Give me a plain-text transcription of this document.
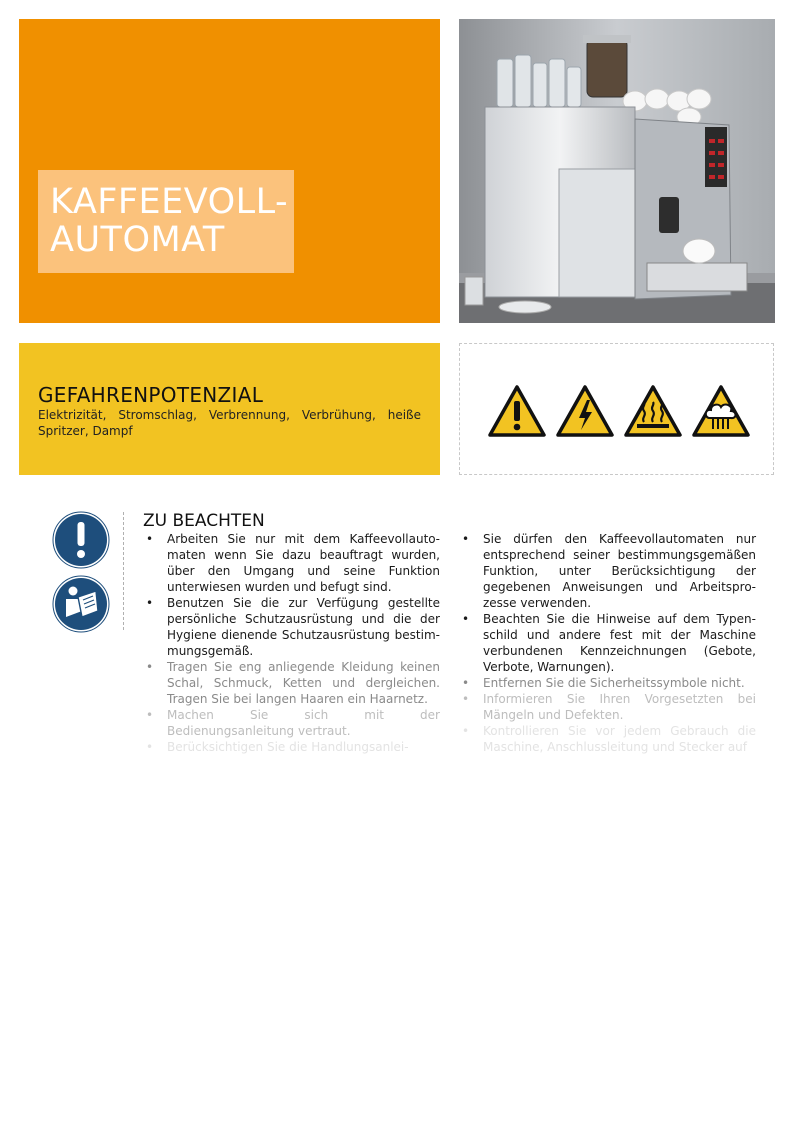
KAFFEEVOLL-
AUTOMAT
GEFAHRENPOTENZIAL
Elektrizität, Stromschlag, Verbrennung, Verbrühung, heiße Spritzer, Dampf
ZU BEACHTEN
• Arbeiten Sie nur mit dem Kaffeevollautomaten wenn Sie dazu beauftragt wurden, über den Umgang und seine Funktion unterwiesen wurden und befugt sind.
• Benutzen Sie die zur Verfügung gestellte persönliche Schutzausrüstung und die der Hygiene dienende Schutzausrüstung bestimmungsgemäß.
• Tragen Sie eng anliegende Kleidung keinen Schal, Schmuck, Ketten und dergleichen. Tragen Sie bei langen Haaren ein Haarnetz.
• Machen Sie sich mit der Bedienungsanleitung vertraut.
• Berücksichtigen Sie die Handlungsanlei-
• Sie dürfen den Kaffeevollautomaten nur entsprechend seiner bestimmungsgemäßen Funktion, unter Berücksichtigung der gegebenen Anweisungen und Arbeitsprozesse verwenden.
• Beachten Sie die Hinweise auf dem Typenschild und andere fest mit der Maschine verbundenen Kennzeichnungen (Gebote, Verbote, Warnungen).
• Entfernen Sie die Sicherheitssymbole nicht.
• Informieren Sie Ihren Vorgesetzten bei Mängeln und Defekten.
• Kontrollieren Sie vor jedem Gebrauch die Maschine, Anschlussleitung und Stecker auf
